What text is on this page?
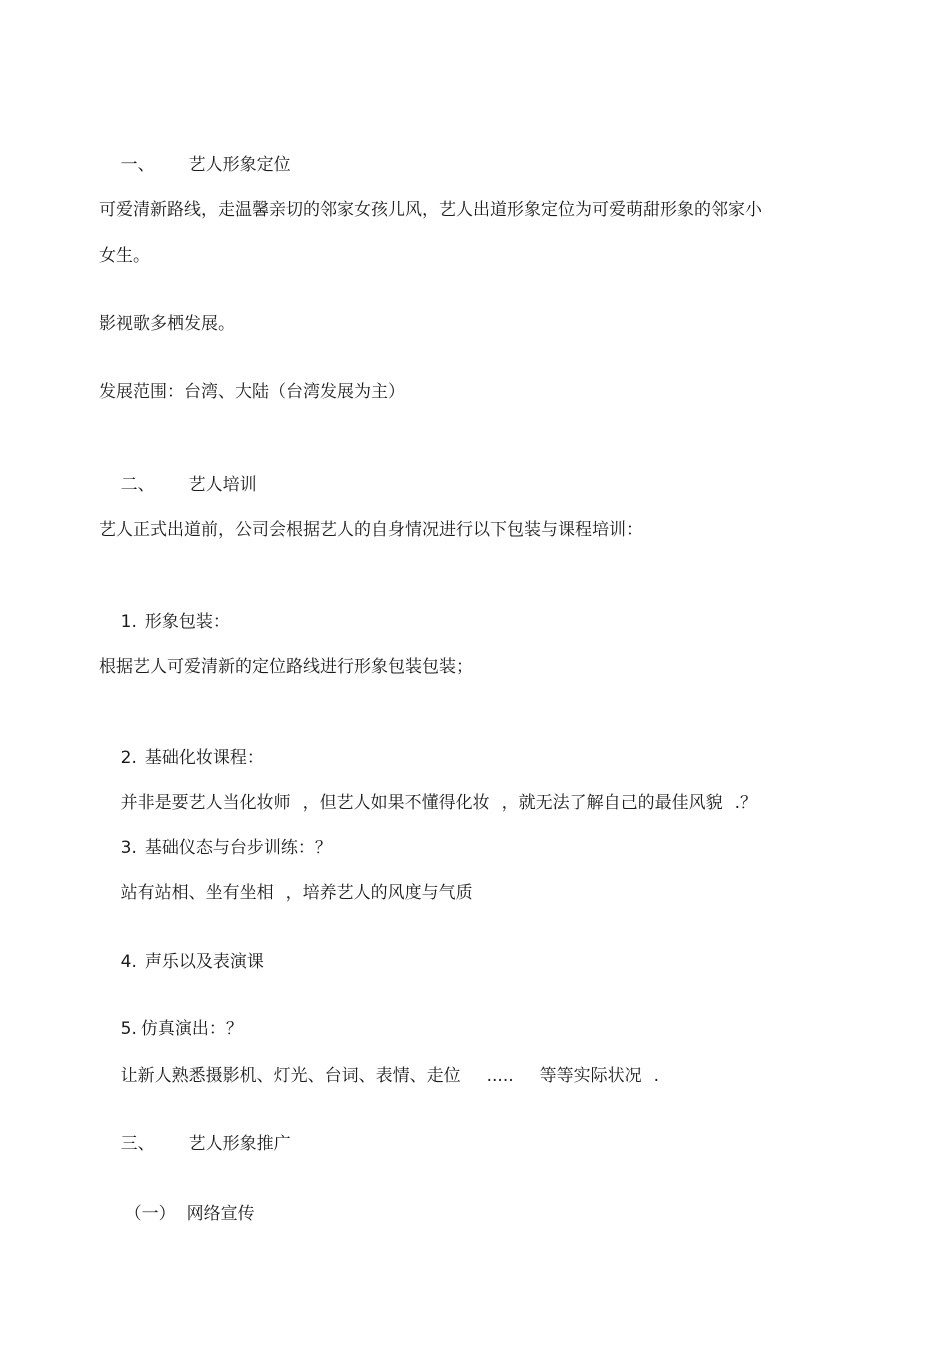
一、 艺人形象定位

可爱清新路线，走温馨亲切的邻家女孩儿风，艺人出道形象定位为可爱萌甜形象的邻家小
女生。
影视歌多栖发展。
发展范围：台湾、大陆（台湾发展为主）

二、 艺人培训

艺人正式出道前，公司会根据艺人的自身情况进行以下包装与课程培训：

1. 形象包装：

根据艺人可爱清新的定位路线进行形象包装包装；

2. 基础化妆课程：

并非是要艺人当化妆师 ，但艺人如果不懂得化妆 ，就无法了解自己的最佳风貌 .？

3. 基础仪态与台步训练：？

站有站相、坐有坐相 ，培养艺人的风度与气质

4. 声乐以及表演课

5. 仿真演出：？

让新人熟悉摄影机、灯光、台词、表情、走位 ..... 等等实际状况 .

三、 艺人形象推广

（一） 网络宣传
